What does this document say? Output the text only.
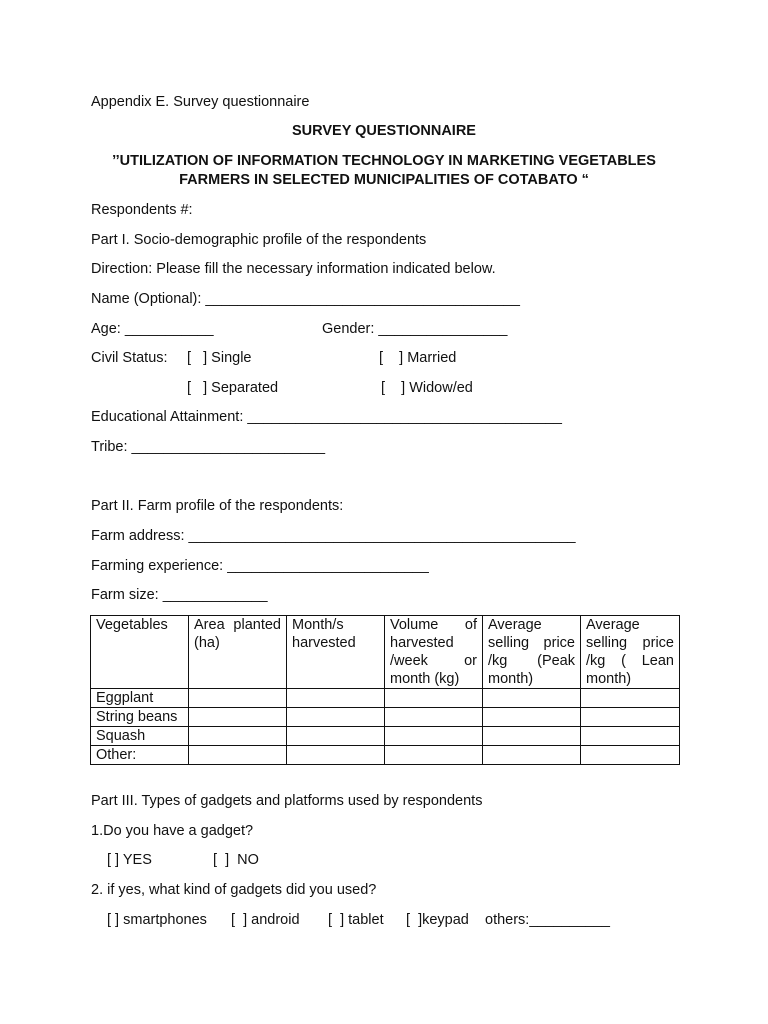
Appendix E. Survey questionnaire
SURVEY QUESTIONNAIRE
’’UTILIZATION OF INFORMATION TECHNOLOGY IN MARKETING VEGETABLES
FARMERS IN SELECTED MUNICIPALITIES OF COTABATO “
Respondents #:
Part I. Socio-demographic profile of the respondents
Direction: Please fill the necessary information indicated below.
Name (Optional): _______________________________________
Age: ___________	Gender: ________________
Civil Status: [   ] Single	[    ] Married
[   ] Separated	[    ] Widow/ed
Educational Attainment: _______________________________________
Tribe: ________________________
Part II. Farm profile of the respondents:
Farm address: ________________________________________________
Farming experience: _________________________
Farm size: _____________
Vegetables	Area planted (ha)	Month/s harvested	Volume of harvested /week or month (kg)	Average selling price /kg (Peak month)	Average selling price /kg ( Lean month)
Eggplant					
String beans					
Squash					
Other:					
Part III. Types of gadgets and platforms used by respondents
1.Do you have a gadget?
[ ] YES	[  ]  NO
2. if yes, what kind of gadgets did you used?
[ ] smartphones [  ] android [  ] tablet [  ]keypad others:__________
